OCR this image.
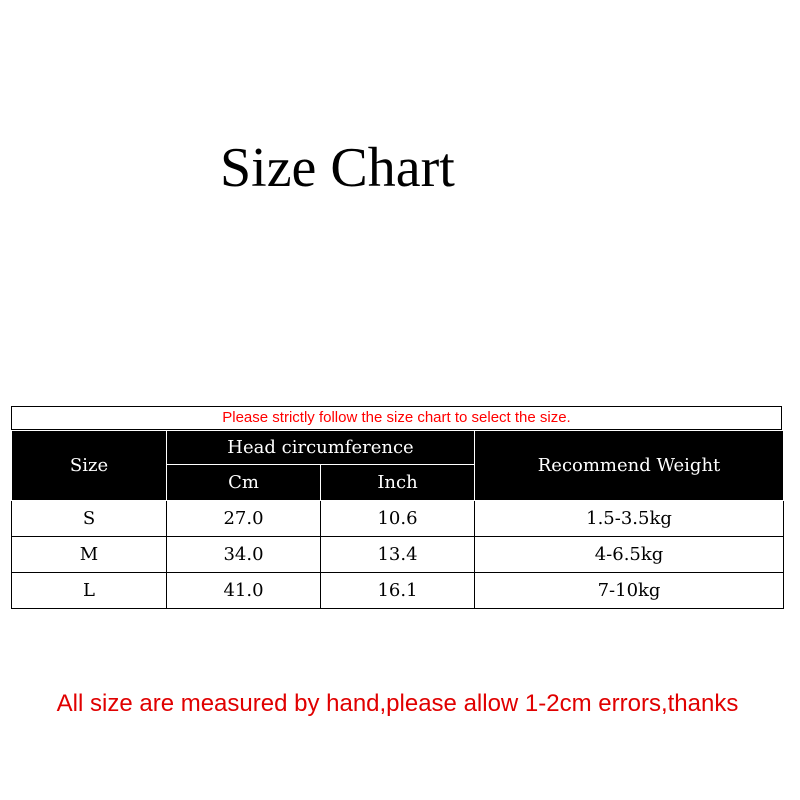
Size Chart
Please strictly follow the size chart to select the size.
Size	Head circumference		Recommend Weight
	Cm	Inch	
S	27.0	10.6	1.5-3.5kg
M	34.0	13.4	4-6.5kg
L	41.0	16.1	7-10kg
All size are measured by hand,please allow 1-2cm errors,thanks
